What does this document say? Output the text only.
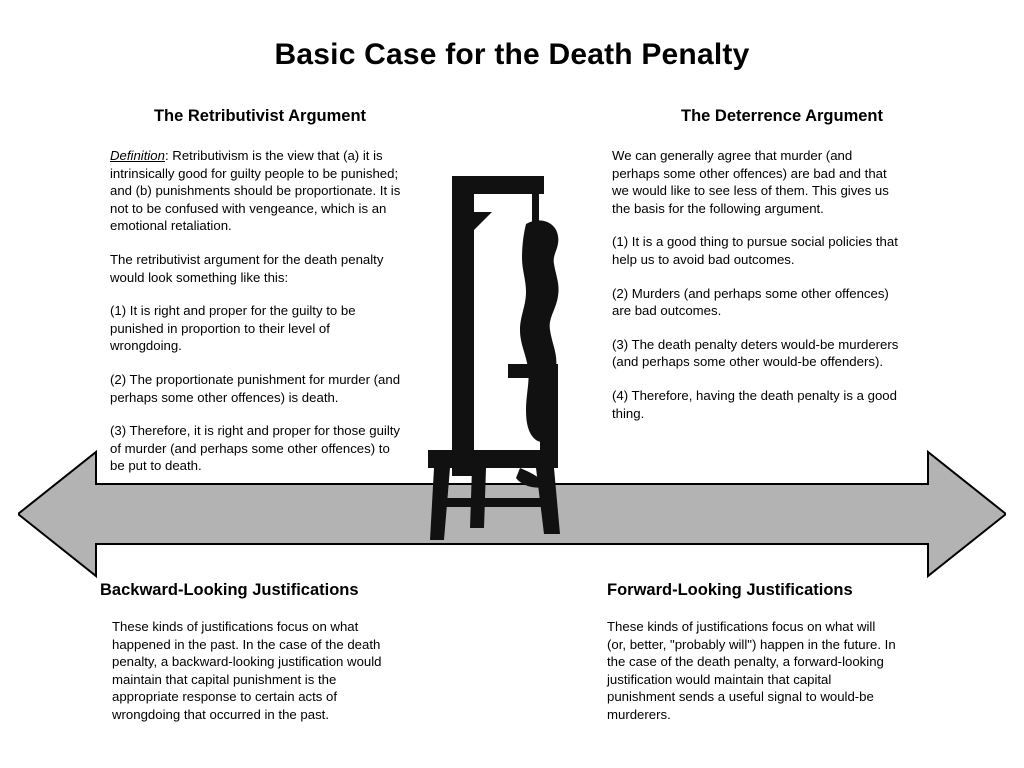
Basic Case for the Death Penalty
The Retributivist Argument	The Deterrence Argument
Backward-Looking Justifications	Forward-Looking Justifications

Definition: Retributivism is the view that (a) it is intrinsically good for guilty people to be punished; and (b) punishments should be proportionate. It is not to be confused with vengeance, which is an emotional retaliation.

The retributivist argument for the death penalty would look something like this:

(1) It is right and proper for the guilty to be punished in proportion to their level of wrongdoing.

(2) The proportionate punishment for murder (and perhaps some other offences) is death.

(3) Therefore, it is right and proper for those guilty of murder (and perhaps some other offences) to be put to death.

We can generally agree that murder (and perhaps some other offences) are bad and that we would like to see less of them. This gives us the basis for the following argument.

(1) It is a good thing to pursue social policies that help us to avoid bad outcomes.

(2) Murders (and perhaps some other offences) are bad outcomes.

(3) The death penalty deters would-be murderers (and perhaps some other would-be offenders).

(4) Therefore, having the death penalty is a good thing.

These kinds of justifications focus on what happened in the past. In the case of the death penalty, a backward-looking justification would maintain that capital punishment is the appropriate response to certain acts of wrongdoing that occurred in the past.

These kinds of justifications focus on what will (or, better, "probably will") happen in the future. In the case of the death penalty, a forward-looking justification would maintain that capital punishment sends a useful signal to would-be murderers.
